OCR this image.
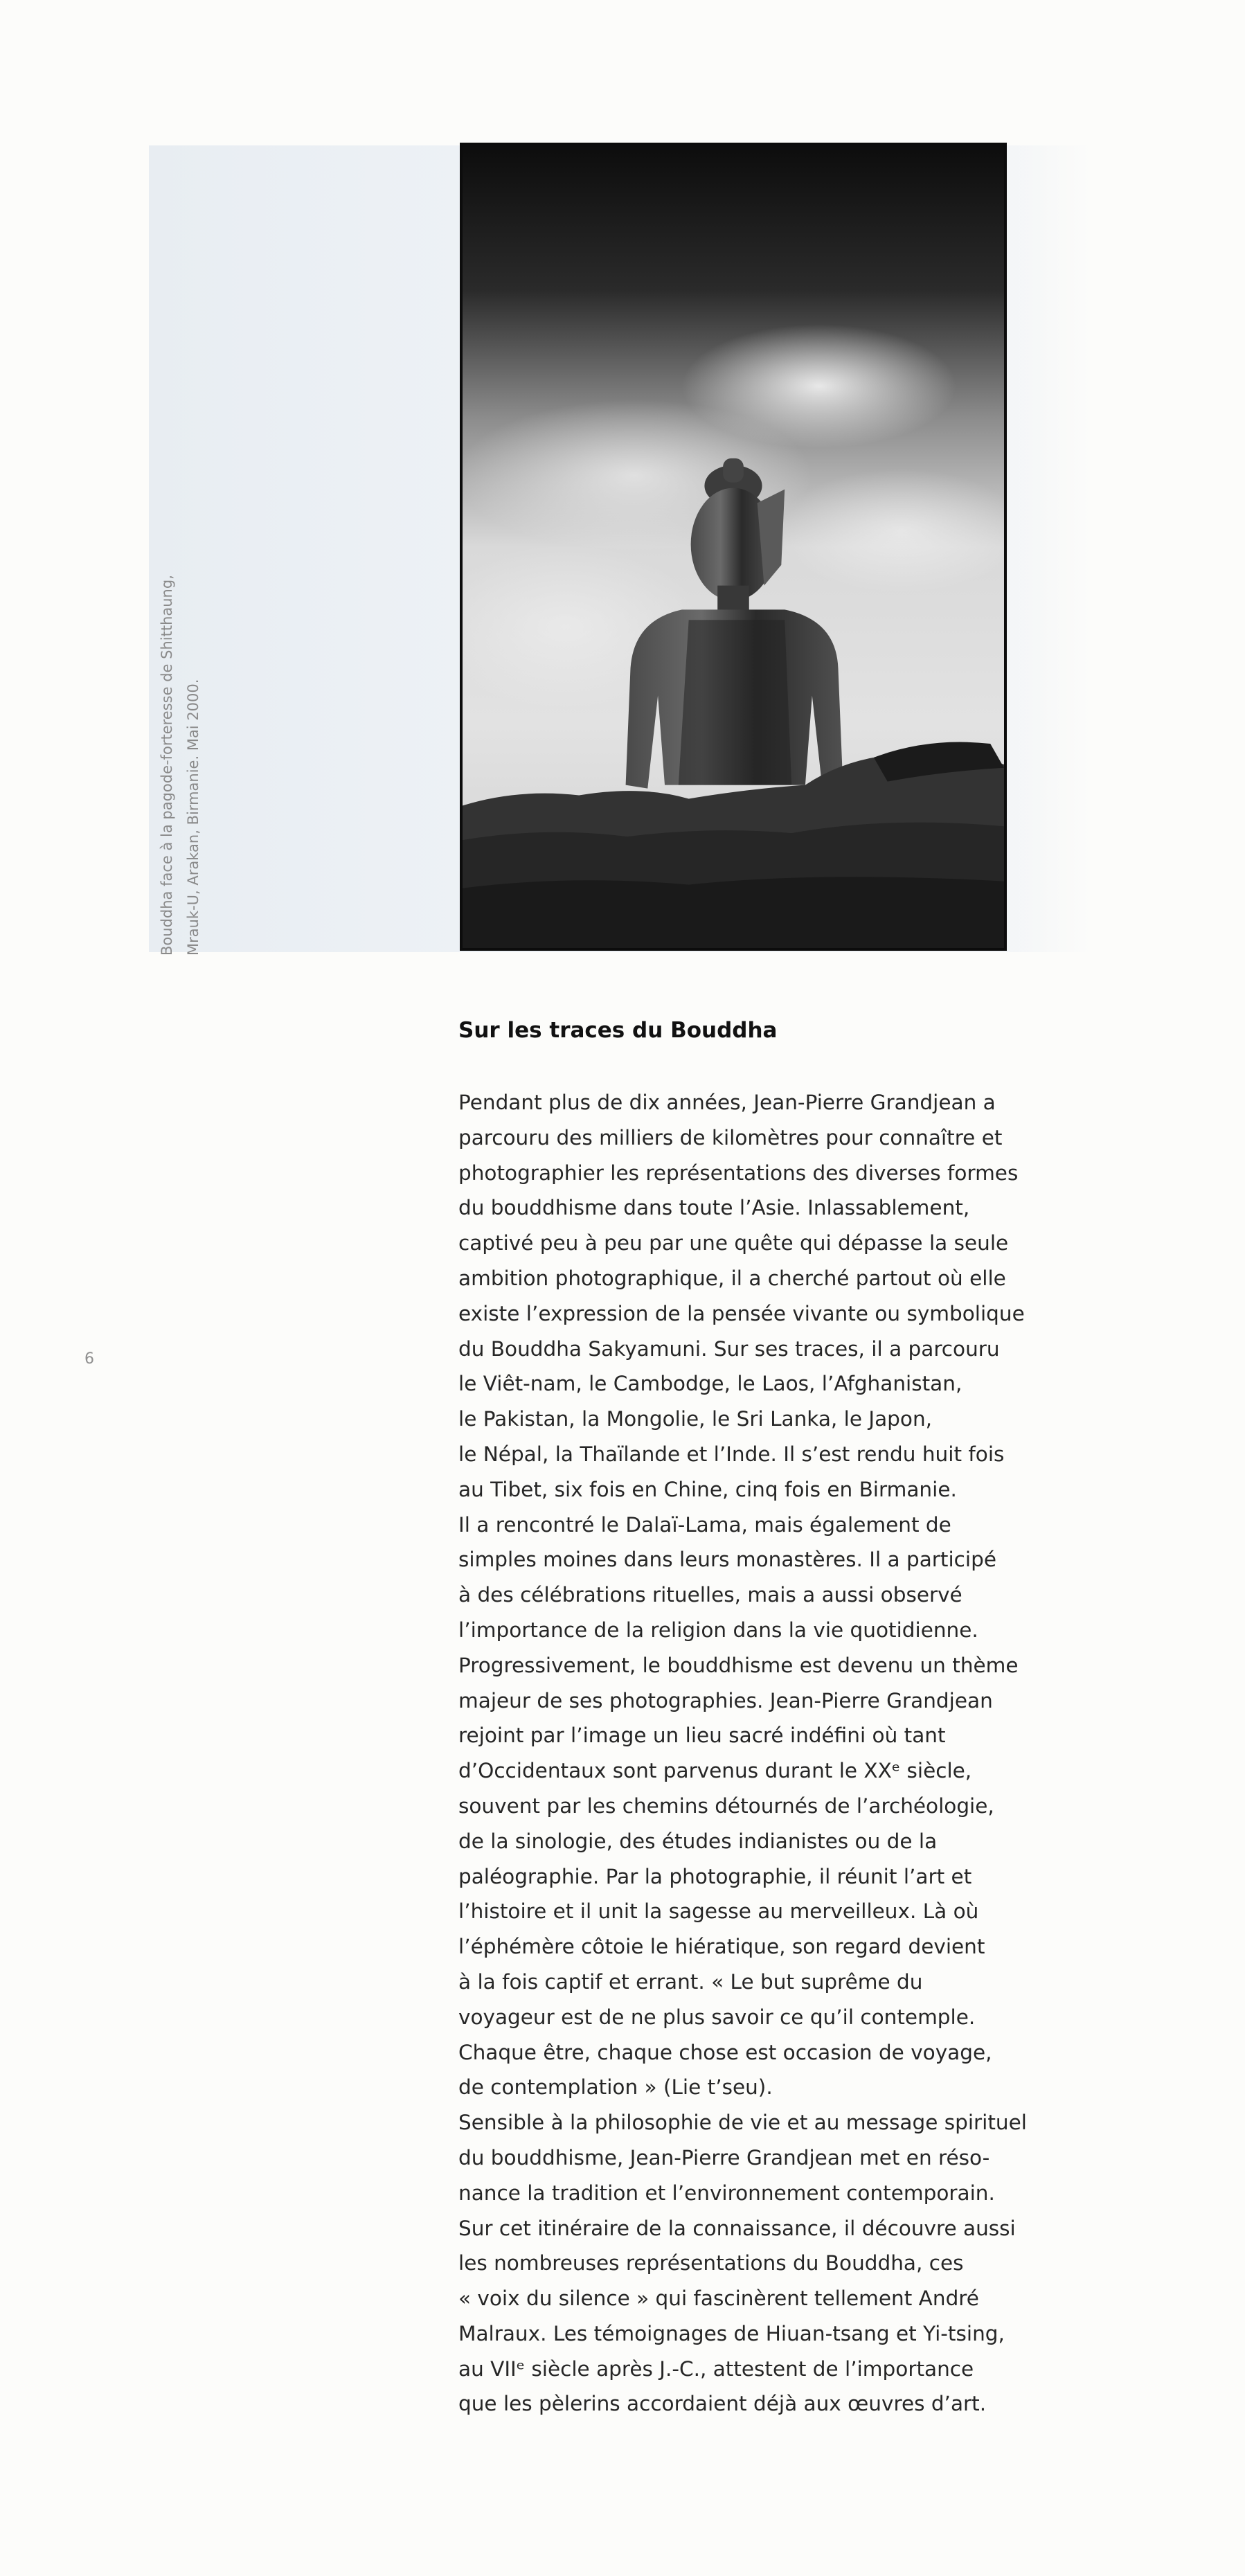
Bouddha face à la pagode-forteresse de Shitthaung, Mrauk-U, Arakan, Birmanie. Mai 2000.
6
Sur les traces du Bouddha
Pendant plus de dix années, Jean-Pierre Grandjean a
parcouru des milliers de kilomètres pour connaître et
photographier les représentations des diverses formes
du bouddhisme dans toute l’Asie. Inlassablement,
captivé peu à peu par une quête qui dépasse la seule
ambition photographique, il a cherché partout où elle
existe l’expression de la pensée vivante ou symbolique
du Bouddha Sakyamuni. Sur ses traces, il a parcouru
le Viêt-nam, le Cambodge, le Laos, l’Afghanistan,
le Pakistan, la Mongolie, le Sri Lanka, le Japon,
le Népal, la Thaïlande et l’Inde. Il s’est rendu huit fois
au Tibet, six fois en Chine, cinq fois en Birmanie.
Il a rencontré le Dalaï-Lama, mais également de
simples moines dans leurs monastères. Il a participé
à des célébrations rituelles, mais a aussi observé
l’importance de la religion dans la vie quotidienne.
Progressivement, le bouddhisme est devenu un thème
majeur de ses photographies. Jean-Pierre Grandjean
rejoint par l’image un lieu sacré indéfini où tant
d’Occidentaux sont parvenus durant le XXᵉ siècle,
souvent par les chemins détournés de l’archéologie,
de la sinologie, des études indianistes ou de la
paléographie. Par la photographie, il réunit l’art et
l’histoire et il unit la sagesse au merveilleux. Là où
l’éphémère côtoie le hiératique, son regard devient
à la fois captif et errant. « Le but suprême du
voyageur est de ne plus savoir ce qu’il contemple.
Chaque être, chaque chose est occasion de voyage,
de contemplation » (Lie t’seu).
Sensible à la philosophie de vie et au message spirituel
du bouddhisme, Jean-Pierre Grandjean met en réso-
nance la tradition et l’environnement contemporain.
Sur cet itinéraire de la connaissance, il découvre aussi
les nombreuses représentations du Bouddha, ces
« voix du silence » qui fascinèrent tellement André
Malraux. Les témoignages de Hiuan-tsang et Yi-tsing,
au VIIᵉ siècle après J.-C., attestent de l’importance
que les pèlerins accordaient déjà aux œuvres d’art.
